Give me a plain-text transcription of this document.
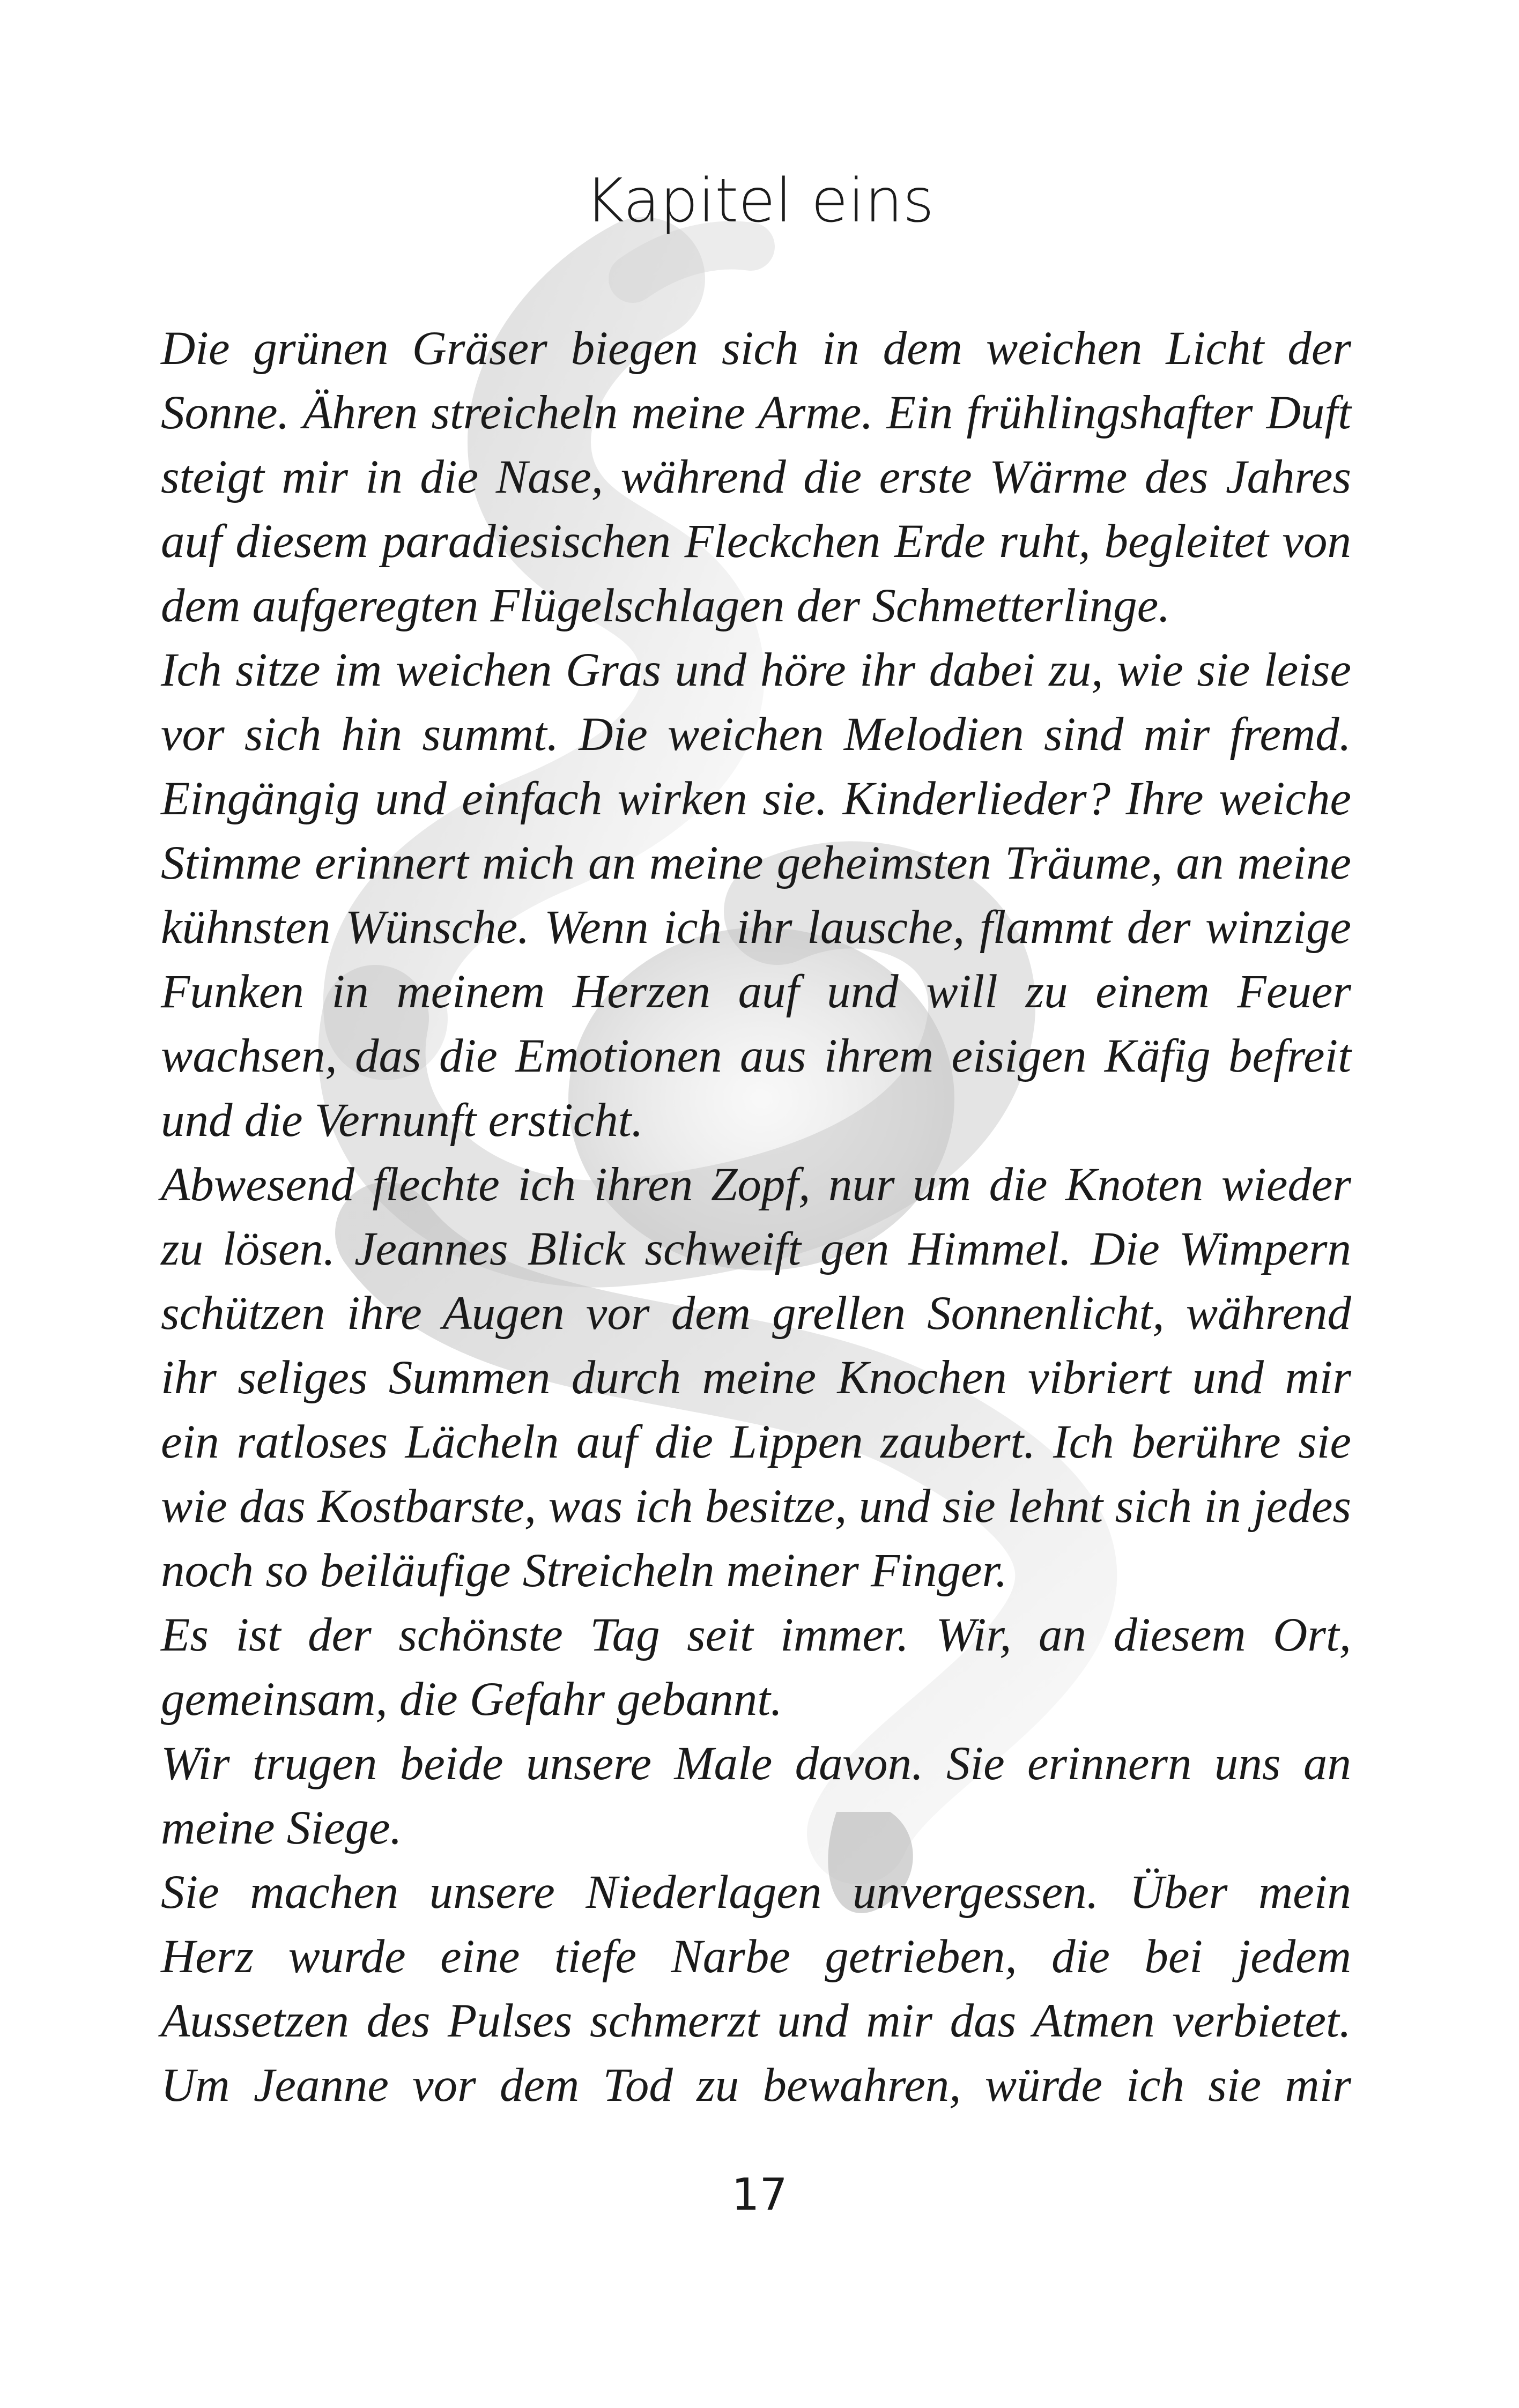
Kapitel eins
Die grünen Gräser biegen sich in dem weichen Licht der
Sonne. Ähren streicheln meine Arme. Ein frühlingshafter Duft
steigt mir in die Nase, während die erste Wärme des Jahres
auf diesem paradiesischen Fleckchen Erde ruht, begleitet von
dem aufgeregten Flügelschlagen der Schmetterlinge.
Ich sitze im weichen Gras und höre ihr dabei zu, wie sie leise
vor sich hin summt. Die weichen Melodien sind mir fremd.
Eingängig und einfach wirken sie. Kinderlieder? Ihre weiche
Stimme erinnert mich an meine geheimsten Träume, an meine
kühnsten Wünsche. Wenn ich ihr lausche, flammt der winzige
Funken in meinem Herzen auf und will zu einem Feuer
wachsen, das die Emotionen aus ihrem eisigen Käfig befreit
und die Vernunft ersticht.
Abwesend flechte ich ihren Zopf, nur um die Knoten wieder
zu lösen. Jeannes Blick schweift gen Himmel. Die Wimpern
schützen ihre Augen vor dem grellen Sonnenlicht, während
ihr seliges Summen durch meine Knochen vibriert und mir
ein ratloses Lächeln auf die Lippen zaubert. Ich berühre sie
wie das Kostbarste, was ich besitze, und sie lehnt sich in jedes
noch so beiläufige Streicheln meiner Finger.
Es ist der schönste Tag seit immer. Wir, an diesem Ort,
gemeinsam, die Gefahr gebannt.
Wir trugen beide unsere Male davon. Sie erinnern uns an
meine Siege.
Sie machen unsere Niederlagen unvergessen. Über mein
Herz wurde eine tiefe Narbe getrieben, die bei jedem
Aussetzen des Pulses schmerzt und mir das Atmen verbietet.
Um Jeanne vor dem Tod zu bewahren, würde ich sie mir
17
